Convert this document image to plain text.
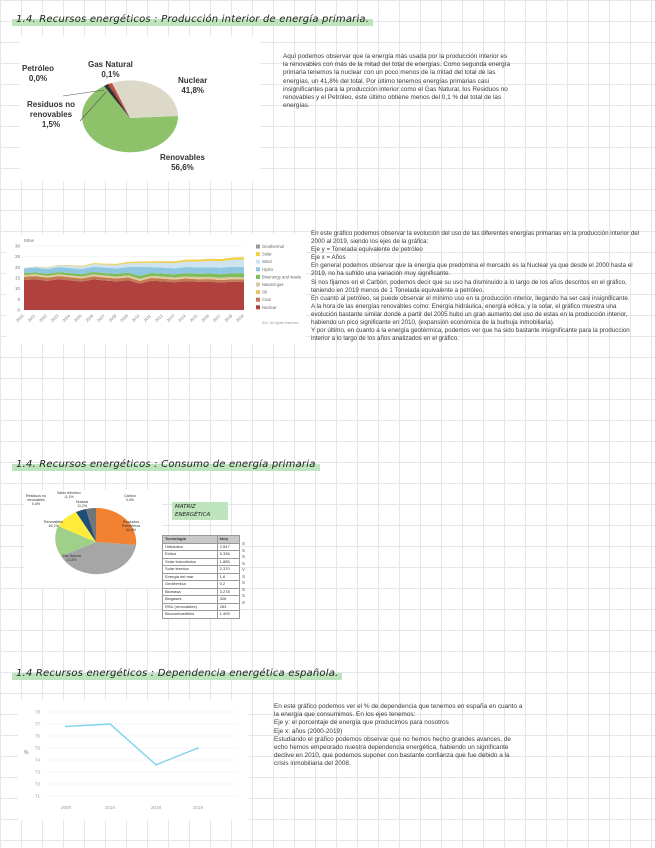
1.4. Recursos energéticos : Producción interior de energía primaria.
Petróleo
0,0%
Gas Natural
0,1%
Nuclear
41,8%
Residuos no renovables
1,5%
Renovables
56,6%

Aquí podemos observar que la energía más usada por la producción interior es la renovables con más de la mitad del total de energías. Como segunda energía primaria tenemos la nuclear con un poco menos de la mitad del total de las energías, un 41,8% del total. Por último tenemos energías primarias casi insignificantes para la producción interior como el Gas Natural, los Residuos no renovables y el Petróleo, este último obtiene menos del 0,1 % del total de las energías.

Mtoe
30
25
20
15
10
5
0
2000 2001 2002 2003 2004 2005 2006 2007 2008 2009 2010 2011 2012 2013 2014 2015 2016 2017 2018 2019
Geothermal
Solar
Wind
Hydro
Bioenergy and waste
Natural gas
Oil
Coal
Nuclear
IEA. All rights reserved.

En este gráfico podemos observar la evolución del uso de las diferentes energías primarias en la producción interior del 2000 al 2019, siendo los ejes de la gráfica:

Eje y = Tonelada equivalente de petróleo

Eje x = Años

En general podemos observar que la energía que predomina el mercado es la Nuclear ya que desde el 2000 hasta el 2019, no ha sufrido una variación muy significante.

Si nos fijamos en el Carbón, podemos decir que su uso ha disminuido a lo largo de los años descritos en el gráfico, teniendo en 2019 menos de 1 Tonelada equivalente a petróleo.

En cuanto al petróleo, se puede observar el mínimo uso en la producción interior, llegando ha ser casi insignificante.

A la hora de las energías renovables como: Energía hidráulica, energía eólica, y la solar, el gráfico muestra una evolución bastante similar donde a partir del 2005 hubo un gran aumento del uso de estas en la producción interior, habiendo un pico significante en 2010, (expansión económica de la burbuja inmobiliaria).

Y por último, en cuanto a la energía geotérmica, podemos ver que ha sido bastante insignificante para la produccion interior a lo largo de los años analizados en el gráfico.

1.4. Recursos energéticos : Consumo de energía primaria
Residuos no renovables
0,4%
Saldo eléctrico
-0,1%
Nuclear
11,2%
Carbón
3,4%
Renovables
16,1%
Productos Petrolíferos
44,8%
Gas Natural
23,8%
MATRIZ ENERGÉTICA
Tecnología	ktep
Hidráulica	2.547
Eólica	5.336
Solar fotovoltaica	1.885
Solar térmica	2.370
Energía del mar	1,6
Geotérmica	0,2
Biomasa	3.278
Biogases	326
RSU (renovables)	283
Biocombustibles	1.409
S
S
S
S
V
S
S
S
S
S
1.4 Recursos energéticos : Dependencia energética española.
78
77
76
75
74
73
72
71
%
2000	2010	2018	2019

En este gráfico podemos ver el % de dependencia que tenemos en españa en cuanto a la energía que consumimos. En los ejes tenemos:

Eje y: el porcentaje de energía que producimos para nosotros

Eje x: años (2000-2019)

Estudiando el gráfico podemos observar que no hemos hecho grandes avances, de echo hemos empeorado nuestra dependencia energética, habiendo un significante declive en 2010, que podemos suponer con bastante confianza que fue debido a la crisis inmobiliaria del 2008.
